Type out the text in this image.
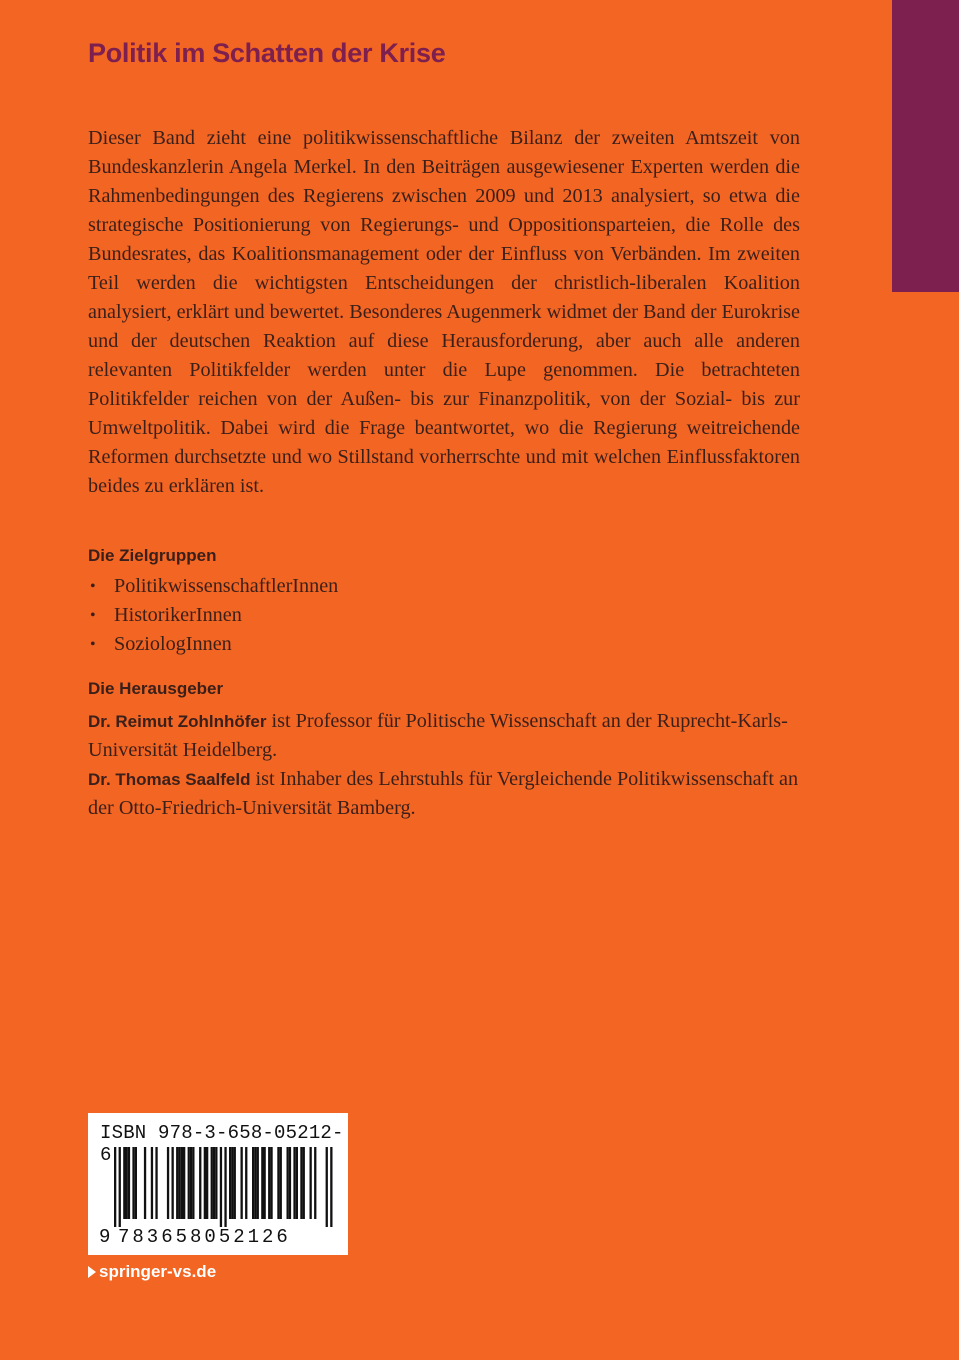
Politik im Schatten der Krise

Dieser Band zieht eine politikwissenschaftliche Bilanz der zweiten Amtszeit von Bundeskanzlerin Angela Merkel. In den Beiträgen ausgewiesener Experten werden die Rahmenbedingungen des Regierens zwischen 2009 und 2013 analysiert, so etwa die strategische Positionierung von Regierungs- und Oppositionsparteien, die Rolle des Bundesrates, das Koalitionsmanagement oder der Einfluss von Verbänden. Im zweiten Teil werden die wichtigsten Entscheidungen der christlich-liberalen Koalition analysiert, erklärt und bewertet. Besonderes Augenmerk widmet der Band der Eurokrise und der deutschen Reaktion auf diese Herausforderung, aber auch alle anderen relevanten Politikfelder werden unter die Lupe genommen. Die betrachteten Politikfelder reichen von der Außen- bis zur Finanzpolitik, von der Sozial- bis zur Umweltpolitik. Dabei wird die Frage beantwortet, wo die Regierung weitreichende Reformen durchsetzte und wo Stillstand vorherrschte und mit welchen Einflussfaktoren beides zu erklären ist.

Die Zielgruppen
• PolitikwissenschaftlerInnen
• HistorikerInnen
• SoziologInnen
Die Herausgeber

Dr. Reimut Zohlnhöfer ist Professor für Politische Wissenschaft an der Ruprecht-Karls-Universität Heidelberg.

Dr. Thomas Saalfeld ist Inhaber des Lehrstuhls für Vergleichende Politikwissenschaft an der Otto-Friedrich-Universität Bamberg.

ISBN 978-3-658-05212-6
9 783658052126
springer-vs.de
